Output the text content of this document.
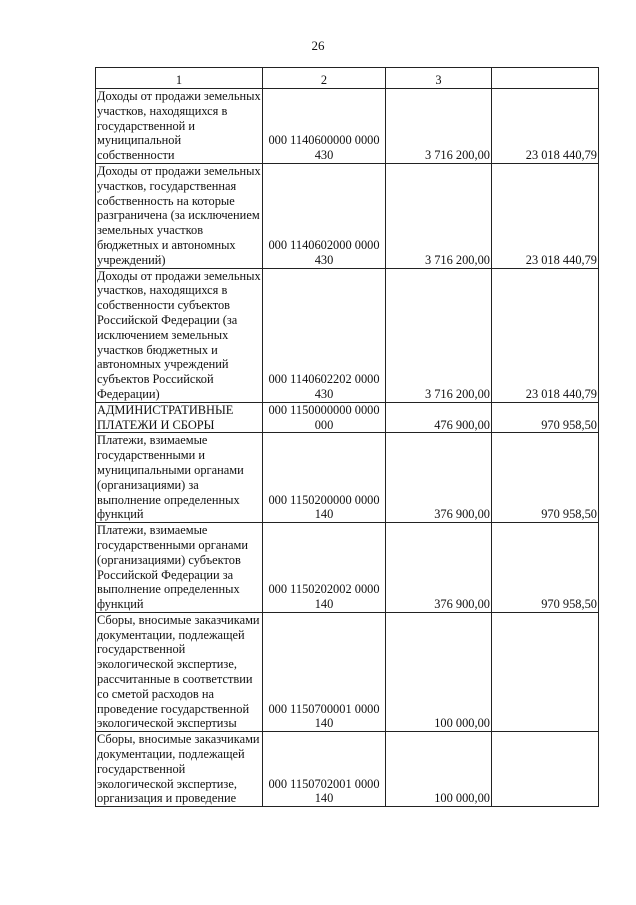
26
1	2	3	
Доходы от продажи земельных участков, находящихся в государственной и муниципальной собственности	000 1140600000 0000 430	3 716 200,00	23 018 440,79
Доходы от продажи земельных участков, государственная собственность на которые разграничена (за исключением земельных участков бюджетных и автономных учреждений)	000 1140602000 0000 430	3 716 200,00	23 018 440,79
Доходы от продажи земельных участков, находящихся в собственности субъектов Российской Федерации (за исключением земельных участков бюджетных и автономных учреждений субъектов Российской Федерации)	000 1140602202 0000 430	3 716 200,00	23 018 440,79
АДМИНИСТРАТИВНЫЕ ПЛАТЕЖИ И СБОРЫ	000 1150000000 0000 000	476 900,00	970 958,50
Платежи, взимаемые государственными и муниципальными органами (организациями) за выполнение определенных функций	000 1150200000 0000 140	376 900,00	970 958,50
Платежи, взимаемые государственными органами (организациями) субъектов Российской Федерации за выполнение определенных функций	000 1150202002 0000 140	376 900,00	970 958,50
Сборы, вносимые заказчиками документации, подлежащей государственной экологической экспертизе, рассчитанные в соответствии со сметой расходов на проведение государственной экологической экспертизы	000 1150700001 0000 140	100 000,00	
Сборы, вносимые заказчиками документации, подлежащей государственной экологической экспертизе, организация и проведение	000 1150702001 0000 140	100 000,00	
